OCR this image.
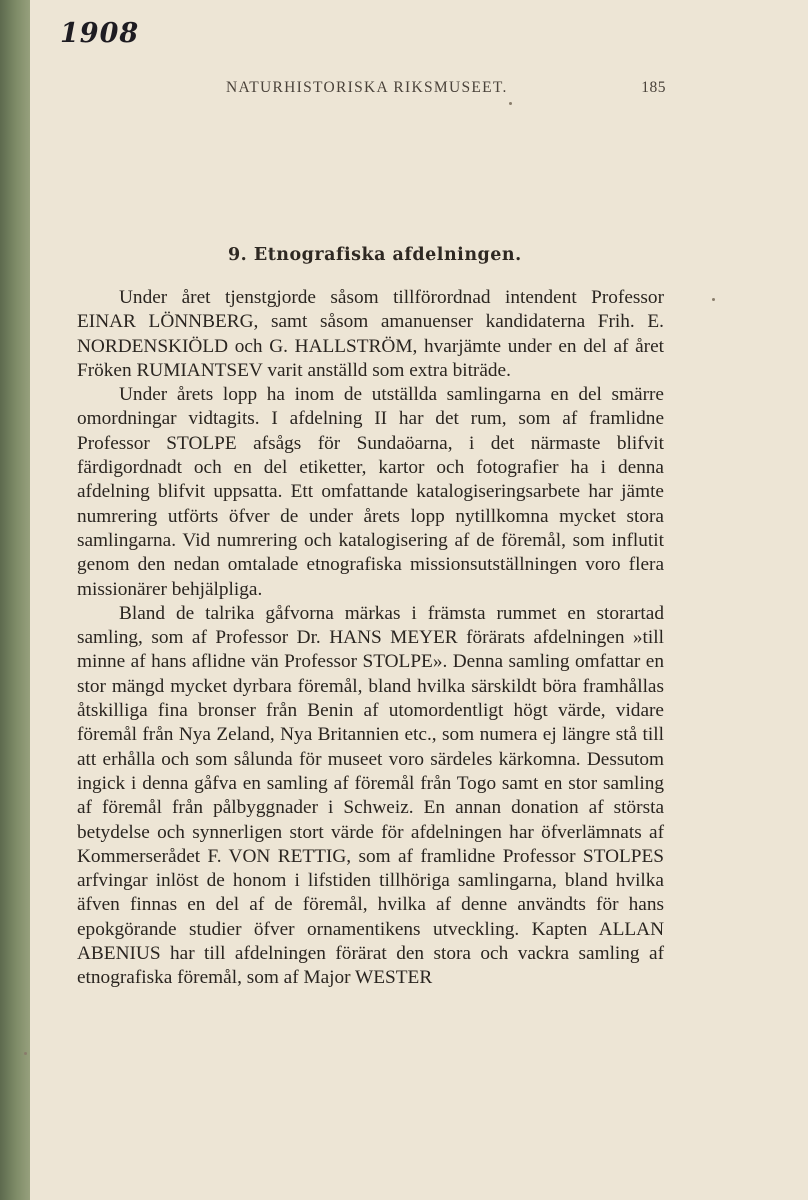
1908
NATURHISTORISKA RIKSMUSEET.	185
9. Etnografiska afdelningen.

Under året tjenstgjorde såsom tillförordnad intendent Professor EINAR LÖNNBERG, samt såsom amanuenser kandidaterna Frih. E. NORDENSKIÖLD och G. HALLSTRÖM, hvarjämte under en del af året Fröken RUMIANTSEV varit anställd som extra biträde.

Under årets lopp ha inom de utställda samlingarna en del smärre omordningar vidtagits. I afdelning II har det rum, som af framlidne Professor STOLPE afsågs för Sundaöarna, i det närmaste blifvit färdigordnadt och en del etiketter, kartor och fotografier ha i denna afdelning blifvit uppsatta. Ett omfattande katalogiseringsarbete har jämte numrering utförts öfver de under årets lopp nytillkomna mycket stora samlingarna. Vid numrering och katalogisering af de föremål, som influtit genom den nedan omtalade etnografiska missionsutställningen voro flera missionärer behjälpliga.

Bland de talrika gåfvorna märkas i främsta rummet en storartad samling, som af Professor Dr. HANS MEYER förärats afdelningen »till minne af hans aflidne vän Professor STOLPE». Denna samling omfattar en stor mängd mycket dyrbara föremål, bland hvilka särskildt böra framhållas åtskilliga fina bronser från Benin af utomordentligt högt värde, vidare föremål från Nya Zeland, Nya Britannien etc., som numera ej längre stå till att erhålla och som sålunda för museet voro särdeles kärkomna. Dessutom ingick i denna gåfva en samling af föremål från Togo samt en stor samling af föremål från pålbyggnader i Schweiz. En annan donation af största betydelse och synnerligen stort värde för afdelningen har öfverlämnats af Kommerserådet F. VON RETTIG, som af framlidne Professor STOLPES arfvingar inlöst de honom i lifstiden tillhöriga samlingarna, bland hvilka äfven finnas en del af de föremål, hvilka af denne användts för hans epokgörande studier öfver ornamentikens utveckling. Kapten ALLAN ABENIUS har till afdelningen förärat den stora och vackra samling af etnografiska föremål, som af Major WESTER
